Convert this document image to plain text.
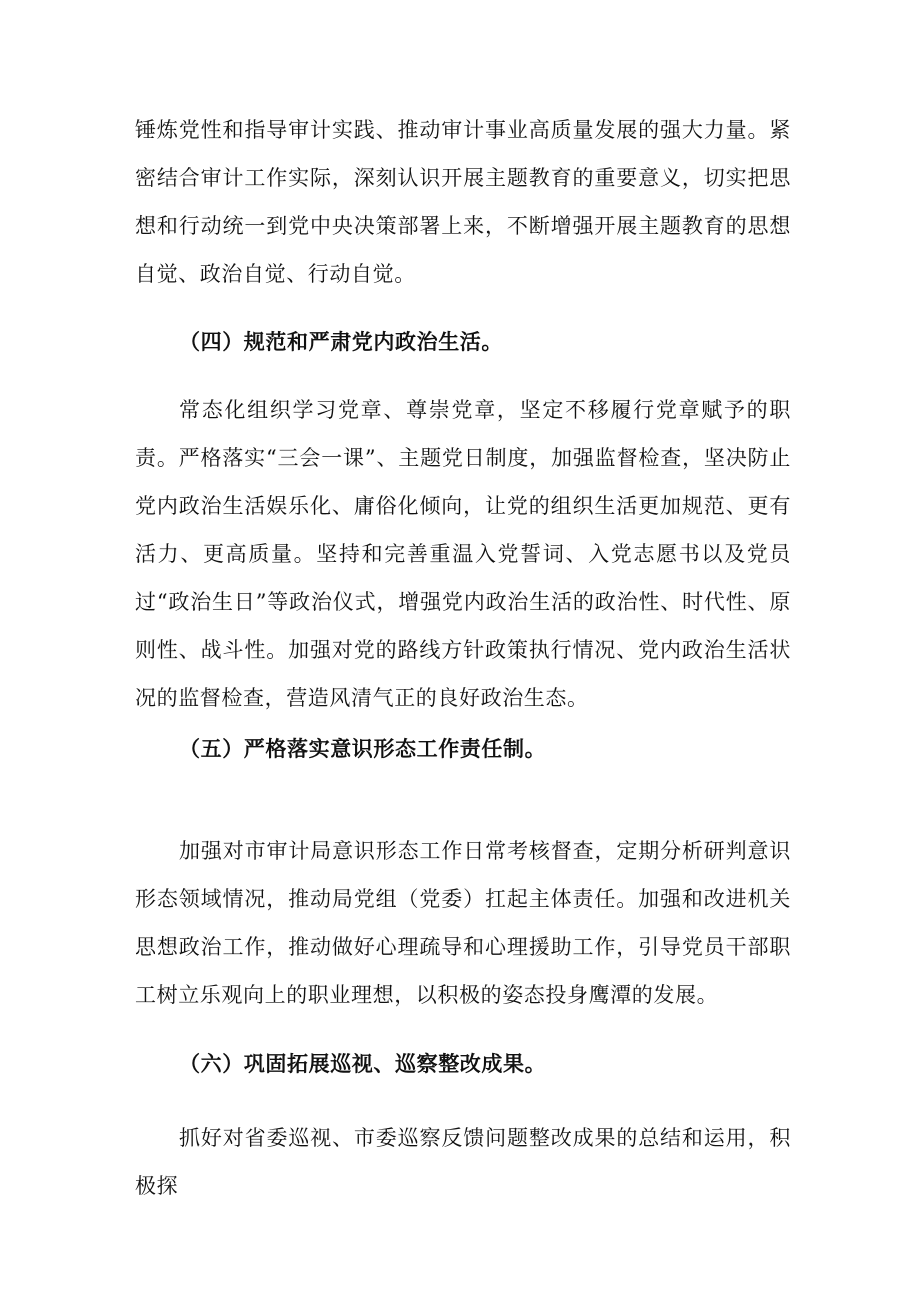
锤炼党性和指导审计实践、推动审计事业高质量发展的强大力量。紧密结合审计工作实际，深刻认识开展主题教育的重要意义，切实把思想和行动统一到党中央决策部署上来，不断增强开展主题教育的思想自觉、政治自觉、行动自觉。

（四）规范和严肃党内政治生活。

常态化组织学习党章、尊崇党章，坚定不移履行党章赋予的职责。严格落实“三会一课”、主题党日制度，加强监督检查，坚决防止党内政治生活娱乐化、庸俗化倾向，让党的组织生活更加规范、更有活力、更高质量。坚持和完善重温入党誓词、入党志愿书以及党员过“政治生日”等政治仪式，增强党内政治生活的政治性、时代性、原则性、战斗性。加强对党的路线方针政策执行情况、党内政治生活状况的监督检查，营造风清气正的良好政治生态。

（五）严格落实意识形态工作责任制。

加强对市审计局意识形态工作日常考核督查，定期分析研判意识形态领域情况，推动局党组（党委）扛起主体责任。加强和改进机关思想政治工作，推动做好心理疏导和心理援助工作，引导党员干部职工树立乐观向上的职业理想，以积极的姿态投身鹰潭的发展。

（六）巩固拓展巡视、巡察整改成果。

抓好对省委巡视、市委巡察反馈问题整改成果的总结和运用，积极探
